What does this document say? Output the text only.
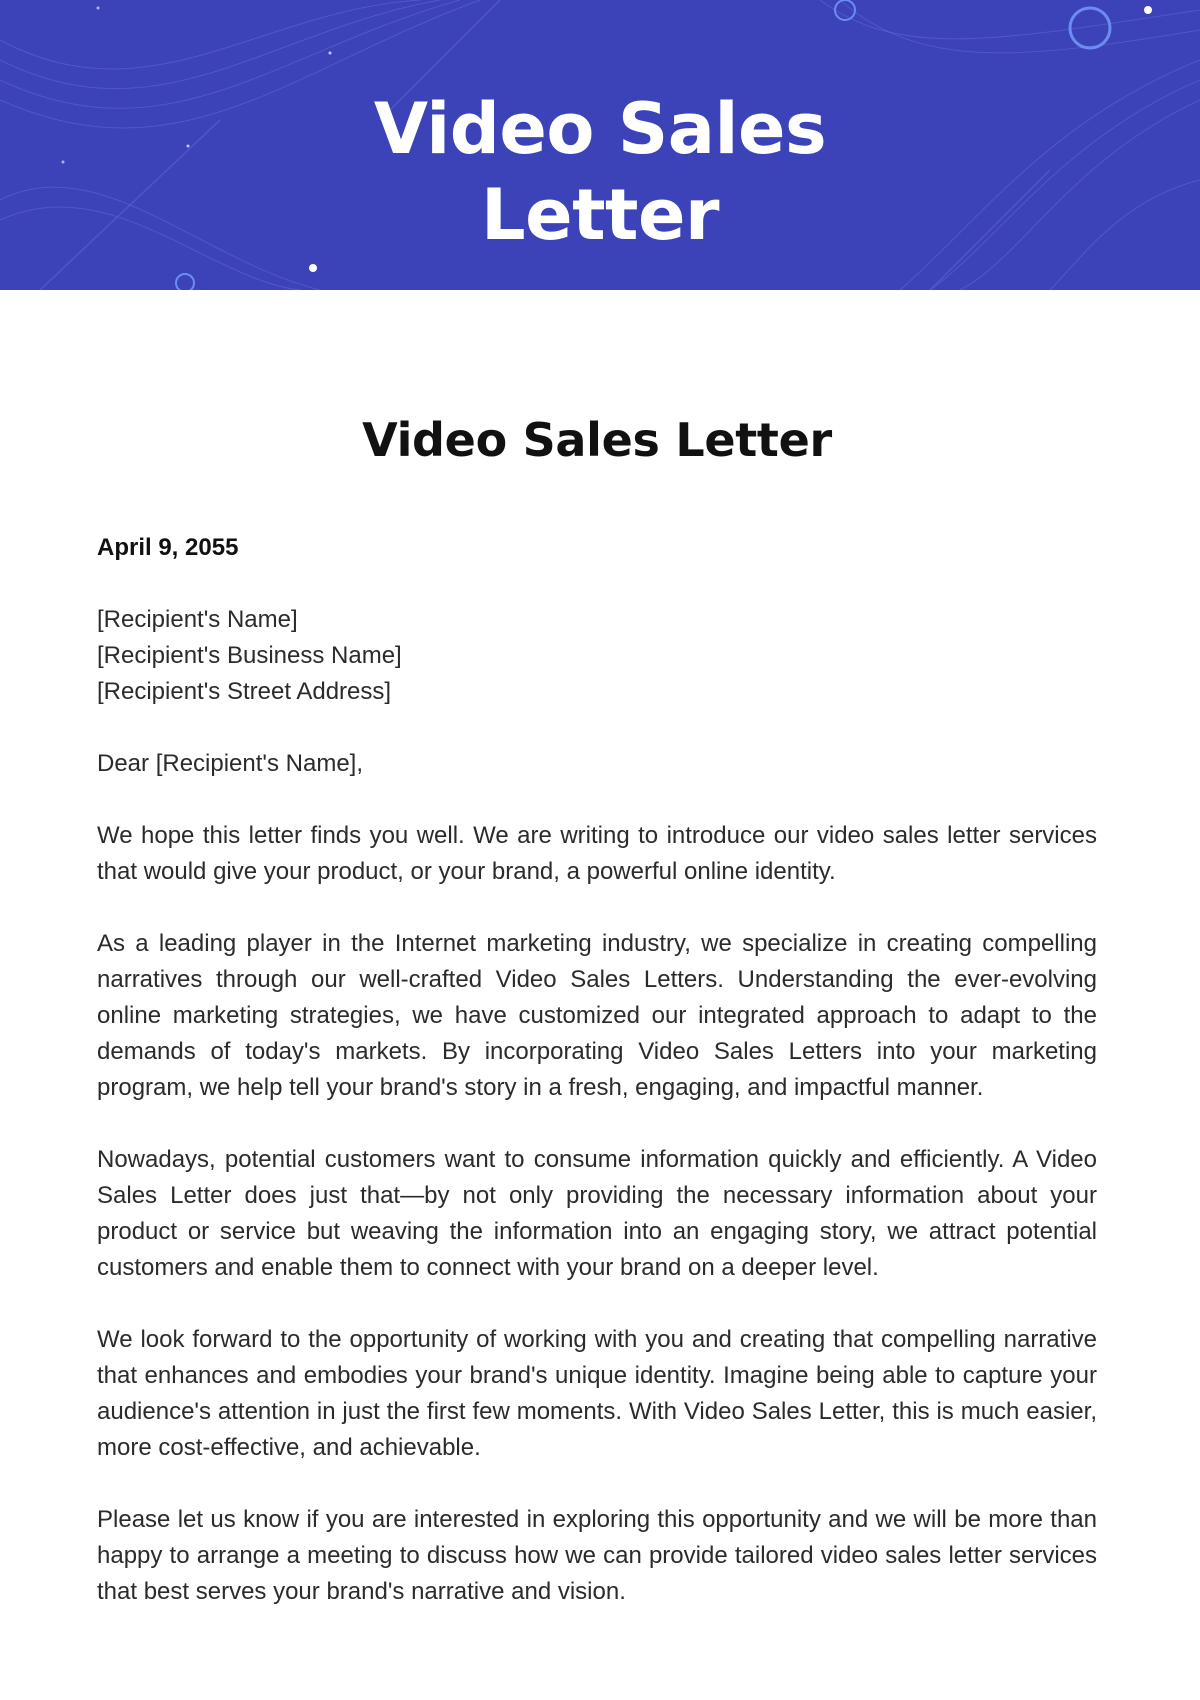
Video Sales
Letter
Video Sales Letter
April 9, 2055
[Recipient's Name]
[Recipient's Business Name]
[Recipient's Street Address]
Dear [Recipient's Name],
We hope this letter finds you well. We are writing to introduce our video sales letter services that would give your product, or your brand, a powerful online identity.
As a leading player in the Internet marketing industry, we specialize in creating compelling narratives through our well-crafted Video Sales Letters. Understanding the ever-evolving online marketing strategies, we have customized our integrated approach to adapt to the demands of today's markets. By incorporating Video Sales Letters into your marketing program, we help tell your brand's story in a fresh, engaging, and impactful manner.
Nowadays, potential customers want to consume information quickly and efficiently. A Video Sales Letter does just that—by not only providing the necessary information about your product or service but weaving the information into an engaging story, we attract potential customers and enable them to connect with your brand on a deeper level.
We look forward to the opportunity of working with you and creating that compelling narrative that enhances and embodies your brand's unique identity. Imagine being able to capture your audience's attention in just the first few moments. With Video Sales Letter, this is much easier, more cost-effective, and achievable.
Please let us know if you are interested in exploring this opportunity and we will be more than happy to arrange a meeting to discuss how we can provide tailored video sales letter services that best serves your brand's narrative and vision.
